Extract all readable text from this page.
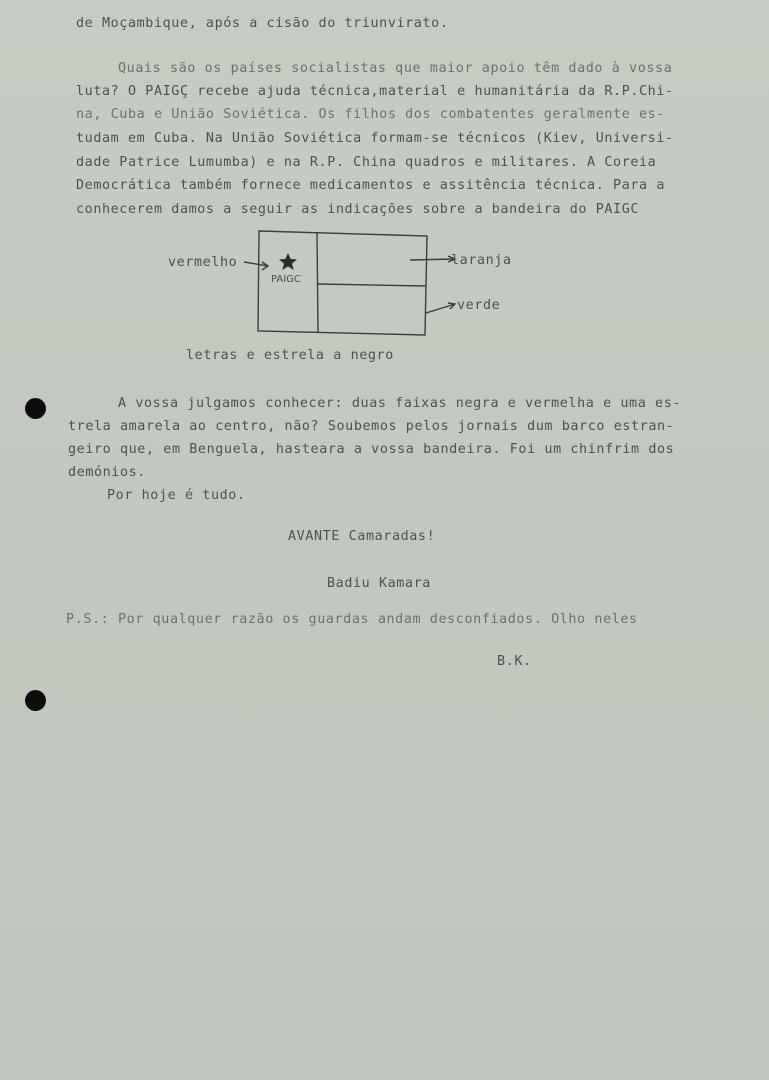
de Moçambique, após a cisão do triunvirato.
Quais são os países socialistas que maior apoio têm dado à vossa
luta? O PAIGÇ recebe ajuda técnica,material e humanitária da R.P.Chi-
na, Cuba e União Soviética. Os filhos dos combatentes geralmente es-
tudam em Cuba. Na União Soviética formam-se técnicos (Kiev, Universi-
dade Patrice Lumumba) e na R.P. China quadros e militares. A Coreia
Democrática também fornece medicamentos e assitência técnica. Para a
conhecerem damos a seguir as indicações sobre a bandeira do PAIGC
vermelho	laranja
verde
PAIGC
letras e estrela a negro
A vossa julgamos conhecer: duas faixas negra e vermelha e uma es-
trela amarela ao centro, não? Soubemos pelos jornais dum barco estran-
geiro que, em Benguela, hasteara a vossa bandeira. Foi um chinfrim dos
demónios.
Por hoje é tudo.
AVANTE Camaradas!
Badiu Kamara
P.S.: Por qualquer razão os guardas andam desconfiados. Olho neles
B.K.
